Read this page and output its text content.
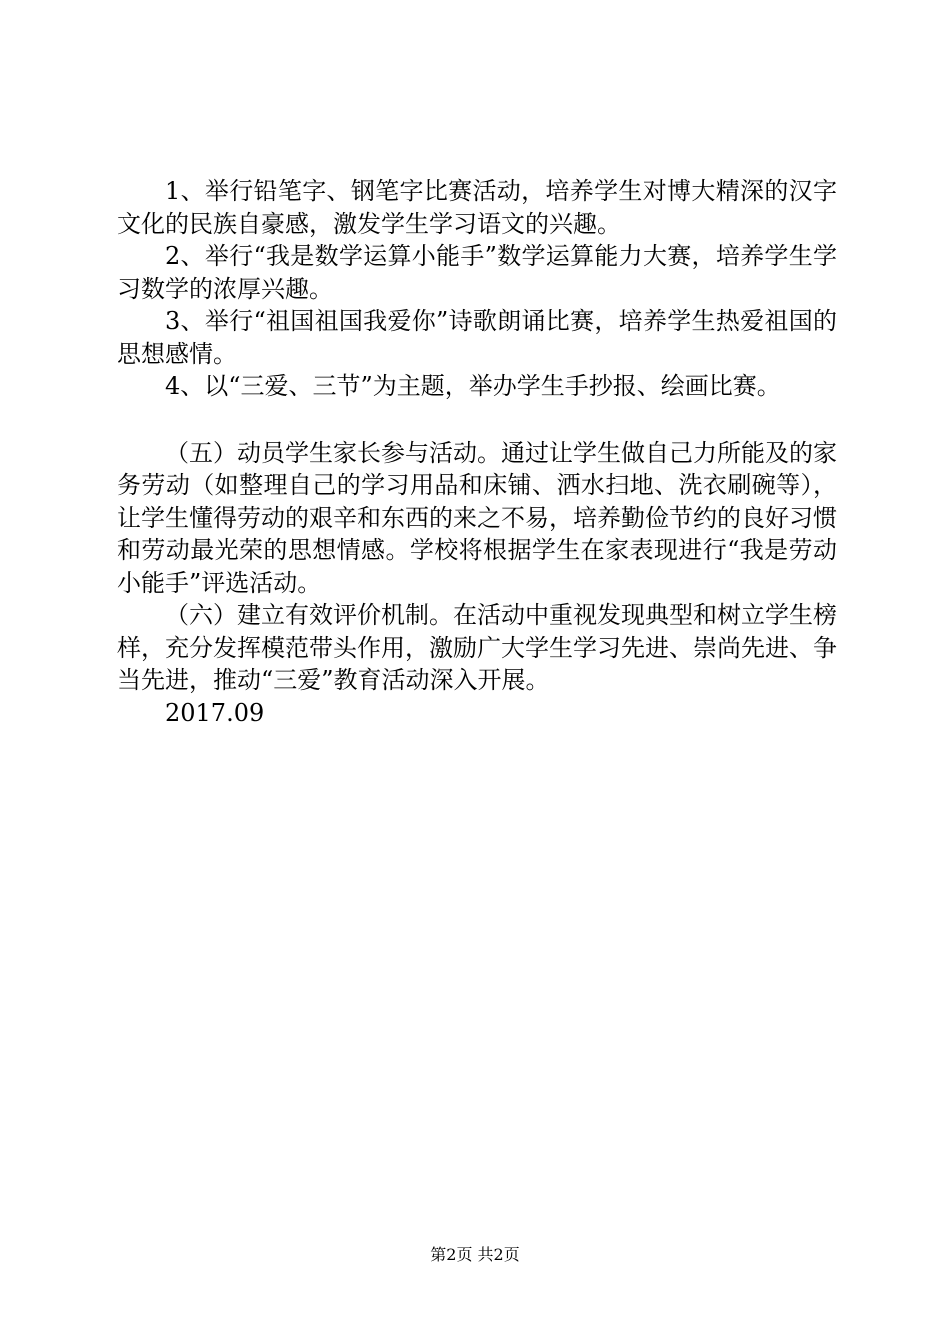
1、举行铅笔字、钢笔字比赛活动，培养学生对博大精深的汉字文化的民族自豪感，激发学生学习语文的兴趣。

2、举行“我是数学运算小能手”数学运算能力大赛，培养学生学习数学的浓厚兴趣。

3、举行“祖国祖国我爱你”诗歌朗诵比赛，培养学生热爱祖国的思想感情。

4、以“三爱、三节”为主题，举办学生手抄报、绘画比赛。

（五）动员学生家长参与活动。通过让学生做自己力所能及的家务劳动（如整理自己的学习用品和床铺、洒水扫地、洗衣刷碗等），让学生懂得劳动的艰辛和东西的来之不易，培养勤俭节约的良好习惯和劳动最光荣的思想情感。学校将根据学生在家表现进行“我是劳动小能手”评选活动。

（六）建立有效评价机制。在活动中重视发现典型和树立学生榜样，充分发挥模范带头作用，激励广大学生学习先进、崇尚先进、争当先进，推动“三爱”教育活动深入开展。

2017.09

第2页 共2页
